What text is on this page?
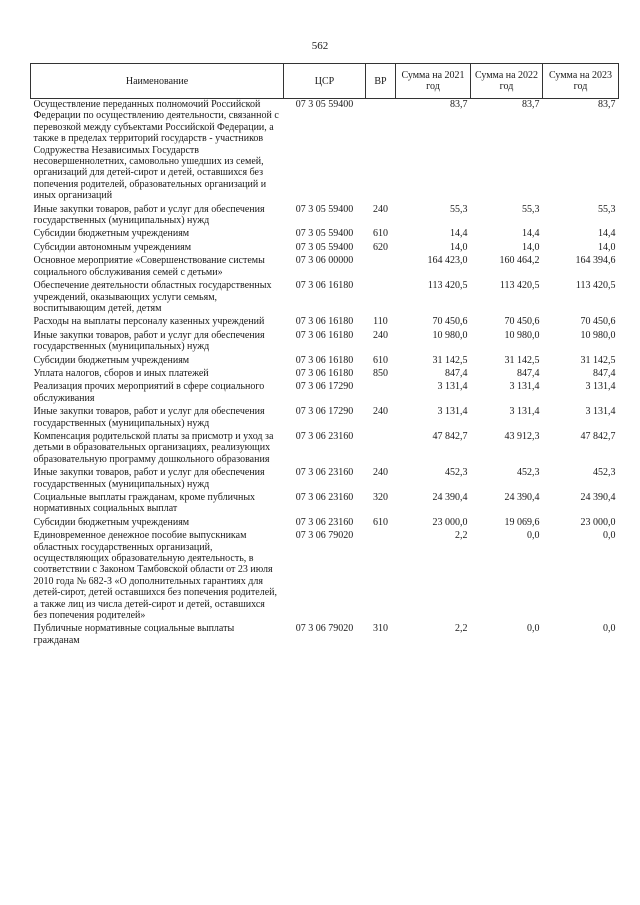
562
Наименование	ЦСР	ВР	Сумма на 2021 год	Сумма на 2022 год	Сумма на 2023 год
Осуществление переданных полномочий Российской Федерации по осуществлению деятельности, связанной с перевозкой между субъектами Российской Федерации, а также в пределах территорий государств - участников Содружества Независимых Государств несовершеннолетних, самовольно ушедших из семей, организаций для детей-сирот и детей, оставшихся без попечения родителей, образовательных организаций и иных организаций	07 3 05 59400		83,7	83,7	83,7
Иные закупки товаров, работ и услуг для обеспечения государственных (муниципальных) нужд	07 3 05 59400	240	55,3	55,3	55,3
Субсидии бюджетным учреждениям	07 3 05 59400	610	14,4	14,4	14,4
Субсидии автономным учреждениям	07 3 05 59400	620	14,0	14,0	14,0
Основное мероприятие «Совершенствование системы социального обслуживания семей с детьми»	07 3 06 00000		164 423,0	160 464,2	164 394,6
Обеспечение деятельности областных государственных учреждений, оказывающих услуги семьям, воспитывающим детей, детям	07 3 06 16180		113 420,5	113 420,5	113 420,5
Расходы на выплаты персоналу казенных учреждений	07 3 06 16180	110	70 450,6	70 450,6	70 450,6
Иные закупки товаров, работ и услуг для обеспечения государственных (муниципальных) нужд	07 3 06 16180	240	10 980,0	10 980,0	10 980,0
Субсидии бюджетным учреждениям	07 3 06 16180	610	31 142,5	31 142,5	31 142,5
Уплата налогов, сборов и иных платежей	07 3 06 16180	850	847,4	847,4	847,4
Реализация прочих мероприятий в сфере социального обслуживания	07 3 06 17290		3 131,4	3 131,4	3 131,4
Иные закупки товаров, работ и услуг для обеспечения государственных (муниципальных) нужд	07 3 06 17290	240	3 131,4	3 131,4	3 131,4
Компенсация родительской платы за присмотр и уход за детьми в образовательных организациях, реализующих образовательную программу дошкольного образования	07 3 06 23160		47 842,7	43 912,3	47 842,7
Иные закупки товаров, работ и услуг для обеспечения государственных (муниципальных) нужд	07 3 06 23160	240	452,3	452,3	452,3
Социальные выплаты гражданам, кроме публичных нормативных социальных выплат	07 3 06 23160	320	24 390,4	24 390,4	24 390,4
Субсидии бюджетным учреждениям	07 3 06 23160	610	23 000,0	19 069,6	23 000,0
Единовременное денежное пособие выпускникам областных государственных организаций, осуществляющих образовательную деятельность, в соответствии с Законом Тамбовской области от 23 июля 2010 года № 682-З «О дополнительных гарантиях для детей-сирот, детей оставшихся без попечения родителей, а также лиц из числа детей-сирот и детей, оставшихся без попечения родителей»	07 3 06 79020		2,2	0,0	0,0
Публичные нормативные социальные выплаты гражданам	07 3 06 79020	310	2,2	0,0	0,0
